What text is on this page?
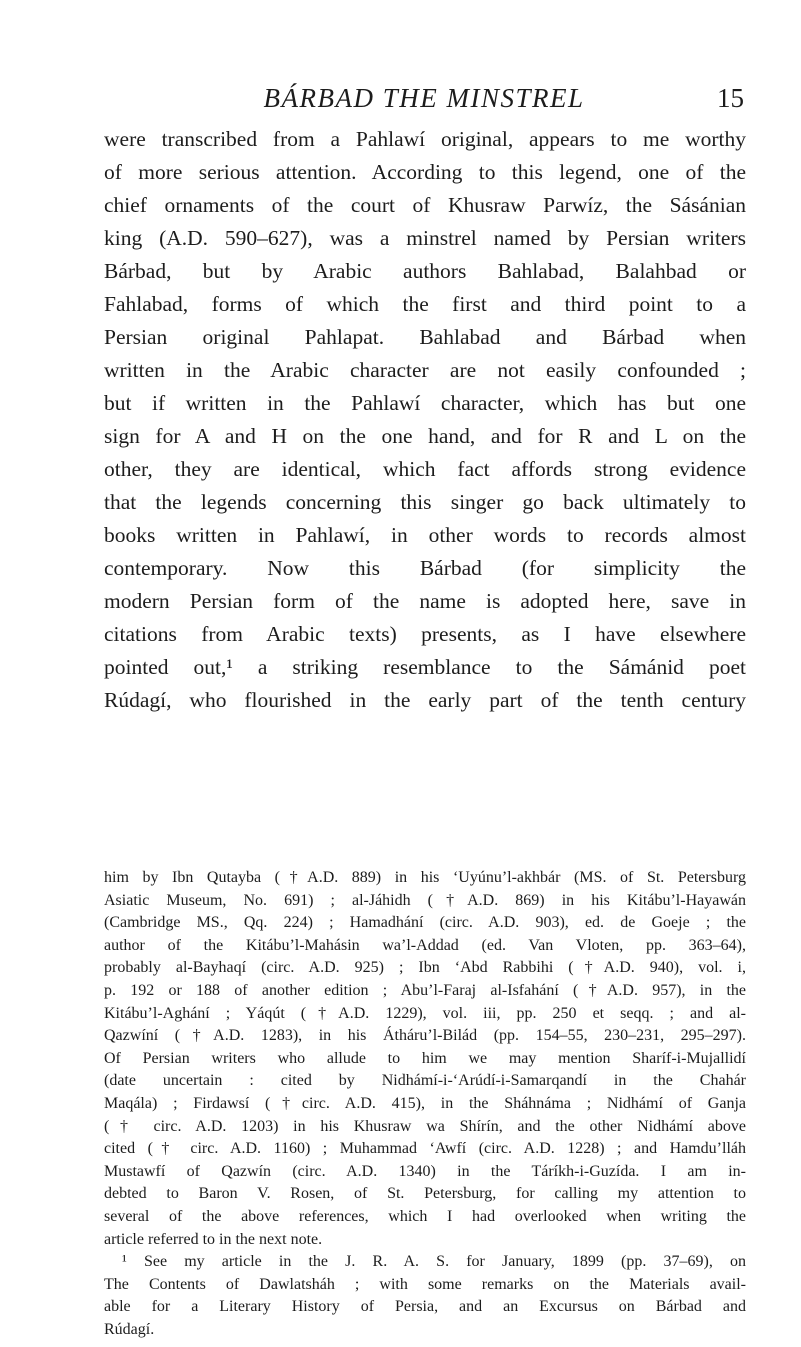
BÁRBAD THE MINSTREL	15
were transcribed from a Pahlawí original, appears to me worthy
of more serious attention. According to this legend, one of the
chief ornaments of the court of Khusraw Parwíz, the Sásánian
king (A.D. 590–627), was a minstrel named by Persian writers
Bárbad, but by Arabic authors Bahlabad, Balahbad or
Fahlabad, forms of which the first and third point to a
Persian original Pahlapat. Bahlabad and Bárbad when
written in the Arabic character are not easily confounded ;
but if written in the Pahlawí character, which has but one
sign for A and H on the one hand, and for R and L on the
other, they are identical, which fact affords strong evidence
that the legends concerning this singer go back ultimately to
books written in Pahlawí, in other words to records almost
contemporary. Now this Bárbad (for simplicity the
modern Persian form of the name is adopted here, save in
citations from Arabic texts) presents, as I have elsewhere
pointed out,¹ a striking resemblance to the Sámánid poet
Rúdagí, who flourished in the early part of the tenth century
him by Ibn Qutayba (†A.D. 889) in his ‘Uyúnu’l-akhbár (MS. of St. Petersburg
Asiatic Museum, No. 691) ; al-Jáhidh (†A.D. 869) in his Kitábu’l-Hayawán
(Cambridge MS., Qq. 224) ; Hamadhání (circ. A.D. 903), ed. de Goeje ; the
author of the Kitábu’l-Mahásin wa’l-Addad (ed. Van Vloten, pp. 363–64),
probably al-Bayhaqí (circ. A.D. 925) ; Ibn ‘Abd Rabbihi (†A.D. 940), vol. i,
p. 192 or 188 of another edition ; Abu’l-Faraj al-Isfahání (†A.D. 957), in the
Kitábu’l-Aghání ; Yáqút (†A.D. 1229), vol. iii, pp. 250 et seqq. ; and al-
Qazwíní (†A.D. 1283), in his Átháru’l-Bilád (pp. 154–55, 230–231, 295–297).
Of Persian writers who allude to him we may mention Sharíf-i-Mujallidí
(date uncertain : cited by Nidhámí-i-‘Arúdí-i-Samarqandí in the Chahár
Maqála) ; Firdawsí (†circ. A.D. 415), in the Sháhnáma ; Nidhámí of Ganja
(† circ. A.D. 1203) in his Khusraw wa Shírín, and the other Nidhámí above
cited († circ. A.D. 1160) ; Muhammad ‘Awfí (circ. A.D. 1228) ; and Hamdu’lláh
Mustawfí of Qazwín (circ. A.D. 1340) in the Táríkh-i-Guzída. I am in-
debted to Baron V. Rosen, of St. Petersburg, for calling my attention to
several of the above references, which I had overlooked when writing the
article referred to in the next note.
¹ See my article in the J. R. A. S. for January, 1899 (pp. 37–69), on
The Contents of Dawlatsháh ; with some remarks on the Materials avail-
able for a Literary History of Persia, and an Excursus on Bárbad and
Rúdagí.
